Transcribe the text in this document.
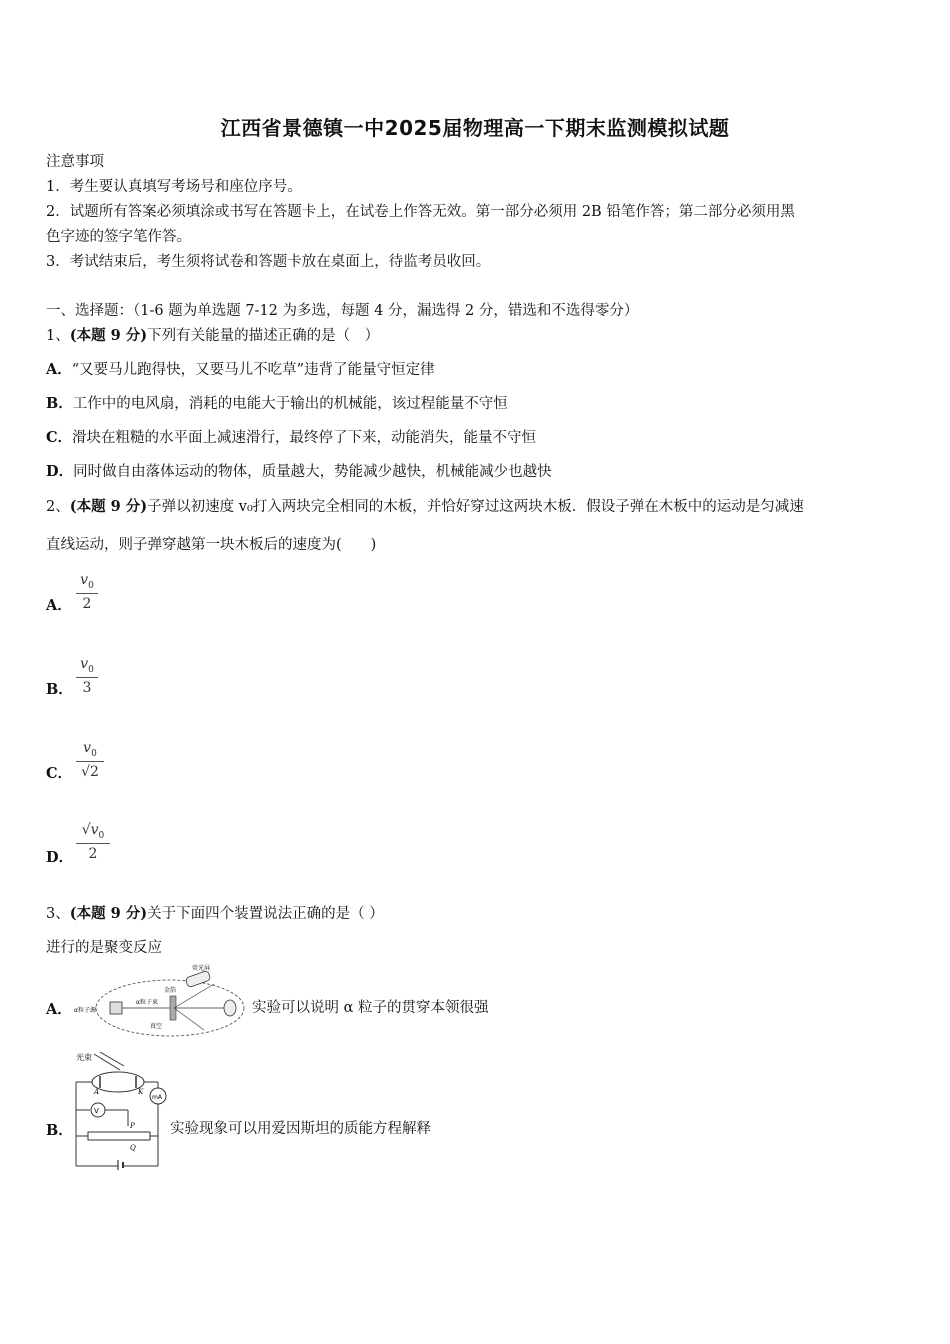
江西省景德镇一中2025届物理高一下期末监测模拟试题
注意事项
1．考生要认真填写考场号和座位序号。
2．试题所有答案必须填涂或书写在答题卡上，在试卷上作答无效。第一部分必须用 2B 铅笔作答；第二部分必须用黑
色字迹的签字笔作答。
3．考试结束后，考生须将试卷和答题卡放在桌面上，待监考员收回。
一、选择题：（1-6 题为单选题 7-12 为多选，每题 4 分，漏选得 2 分，错选和不选得零分）
1、(本题 9 分)下列有关能量的描述正确的是（　）
A．“又要马儿跑得快，又要马儿不吃草”违背了能量守恒定律
B．工作中的电风扇，消耗的电能大于输出的机械能，该过程能量不守恒
C．滑块在粗糙的水平面上减速滑行，最终停了下来，动能消失，能量不守恒
D．同时做自由落体运动的物体，质量越大，势能减少越快，机械能减少也越快
2、(本题 9 分)子弹以初速度 v₀打入两块完全相同的木板，并恰好穿过这两块木板．假设子弹在木板中的运动是匀减速
直线运动，则子弹穿越第一块木板后的速度为(　　)
A．
$v_0$
2
B．
$v_0$
3
C．
$v_0$
√2
D．
$√v_0$
2
3、(本题 9 分)关于下面四个装置说法正确的是（ ）
进行的是聚变反应
A． α粒子源
荧光屏
金箔
α粒子束
真空
实验可以说明 α 粒子的贯穿本领很强
B．
光束
A	K
mA
V
P
Q
实验现象可以用爱因斯坦的质能方程解释
